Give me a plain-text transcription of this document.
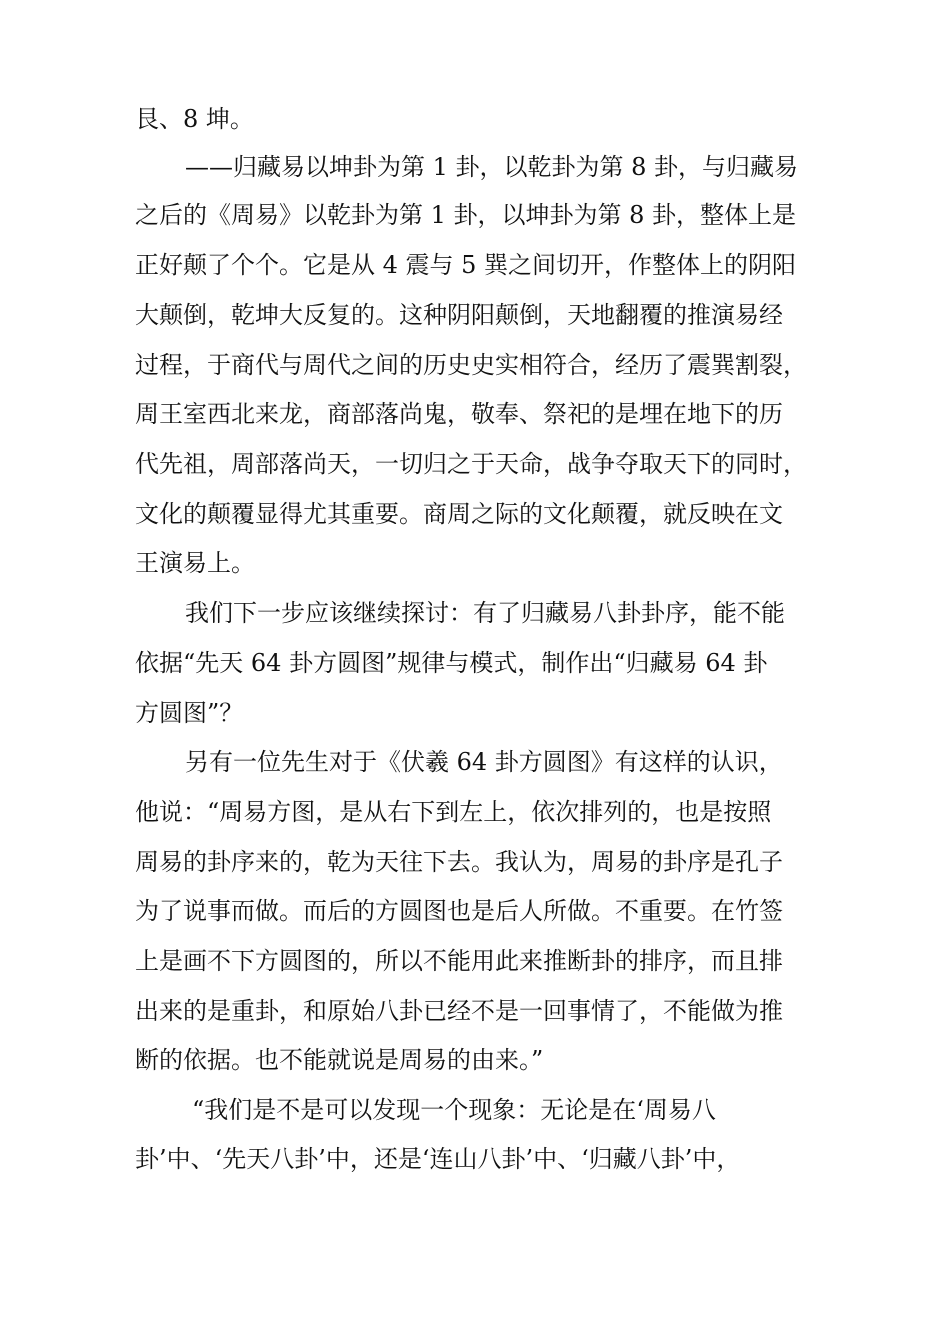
艮、8 坤。

——归藏易以坤卦为第 1 卦，以乾卦为第 8 卦，与归藏易

之后的《周易》以乾卦为第 1 卦，以坤卦为第 8 卦，整体上是

正好颠了个个。它是从 4 震与 5 巽之间切开，作整体上的阴阳

大颠倒，乾坤大反复的。这种阴阳颠倒，天地翻覆的推演易经

过程，于商代与周代之间的历史史实相符合，经历了震巽割裂，

周王室西北来龙，商部落尚鬼，敬奉、祭祀的是埋在地下的历

代先祖，周部落尚天，一切归之于天命，战争夺取天下的同时，

文化的颠覆显得尤其重要。商周之际的文化颠覆，就反映在文

王演易上。

我们下一步应该继续探讨：有了归藏易八卦卦序，能不能

依据“先天 64 卦方圆图”规律与模式，制作出“归藏易 64 卦

方圆图”？

另有一位先生对于《伏羲 64 卦方圆图》有这样的认识，

他说：“周易方图，是从右下到左上，依次排列的，也是按照

周易的卦序来的，乾为天往下去。我认为，周易的卦序是孔子

为了说事而做。而后的方圆图也是后人所做。不重要。在竹签

上是画不下方圆图的，所以不能用此来推断卦的排序，而且排

出来的是重卦，和原始八卦已经不是一回事情了，不能做为推

断的依据。也不能就说是周易的由来。”

“我们是不是可以发现一个现象：无论是在‘周易八

卦’中、‘先天八卦’中，还是‘连山八卦’中、‘归藏八卦’中，
